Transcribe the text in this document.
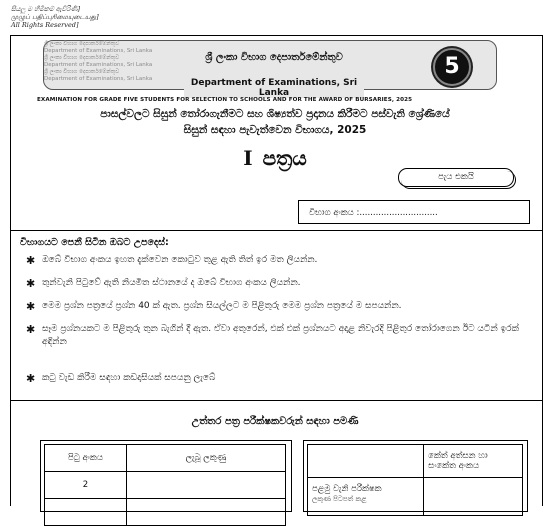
සියලු ම හිමිකම් ඇවිරිණි]
முழுப் பதிப்புரிமையுடையது]
All Rights Reserved]
ශ්‍රී ලංකා විභාග දෙපාර්තමේන්තුව
Department of Examinations, Sri Lanka
ශ්‍රී ලංකා විභාග දෙපාර්තමේන්තුව
Department of Examinations, Sri Lanka
ශ්‍රී ලංකා විභාග දෙපාර්තමේන්තුව
Department of Examinations, Sri Lanka
ශ්‍රී ලංකා විභාග දෙපාර්තමේන්තුව
Department of Examinations, Sri Lanka
5
EXAMINATION FOR GRADE FIVE STUDENTS FOR SELECTION TO SCHOOLS AND FOR THE AWARD OF BURSARIES, 2025
පාසල්වලට සිසුන් තෝරාගැනීමට සහ ශිෂ්‍යත්ව ප්‍රදානය කිරීමට පස්වැනි ශ්‍රේණියේ
සිසුන් සඳහා පැවැත්වෙන විභාගය, 2025
I පත්‍රය
පැය එකයි
විභාග අංකය :.............................
විභාගයට පෙනී සිටින ඔබට උපදෙස්:
✱ ඔබේ විභාග අංකය ඉහත දැක්වෙන කොටුව තුළ ඇති තිත් ඉර මත ලියන්න.
✱ තුන්වැනි පිටුවේ ඇති නියමිත ස්ථානයේ ද ඔබේ විභාග අංකය ලියන්න.
✱ මෙම ප්‍රශ්න පත්‍රයේ ප්‍රශ්න 40 ක් ඇත. ප්‍රශ්න සියල්ලට ම පිළිතුරු මෙම ප්‍රශ්න පත්‍රයේ ම සපයන්න.
✱ සෑම ප්‍රශ්නයකට ම පිළිතුරු තුන බැගින් දී ඇත. ඒවා අතුරෙන්, එක් එක් ප්‍රශ්නයට අදාළ නිවැරදි පිළිතුර තෝරාගෙන ඊට යටින් ඉරක් අඳින්න
✱ කටු වැඩ කිරීම සඳහා කඩදාසියක් සපයනු ලැබේ
උත්තර පත්‍ර පරීක්ෂකවරුන් සඳහා පමණි
පිටු අංකය	ලැබූ ලකුණු
2	

	කේත් අත්සන හා සංකේත අංකය
පළමු වැනි පරීක්ෂක
ලකුණ පිටපත් කළ	
